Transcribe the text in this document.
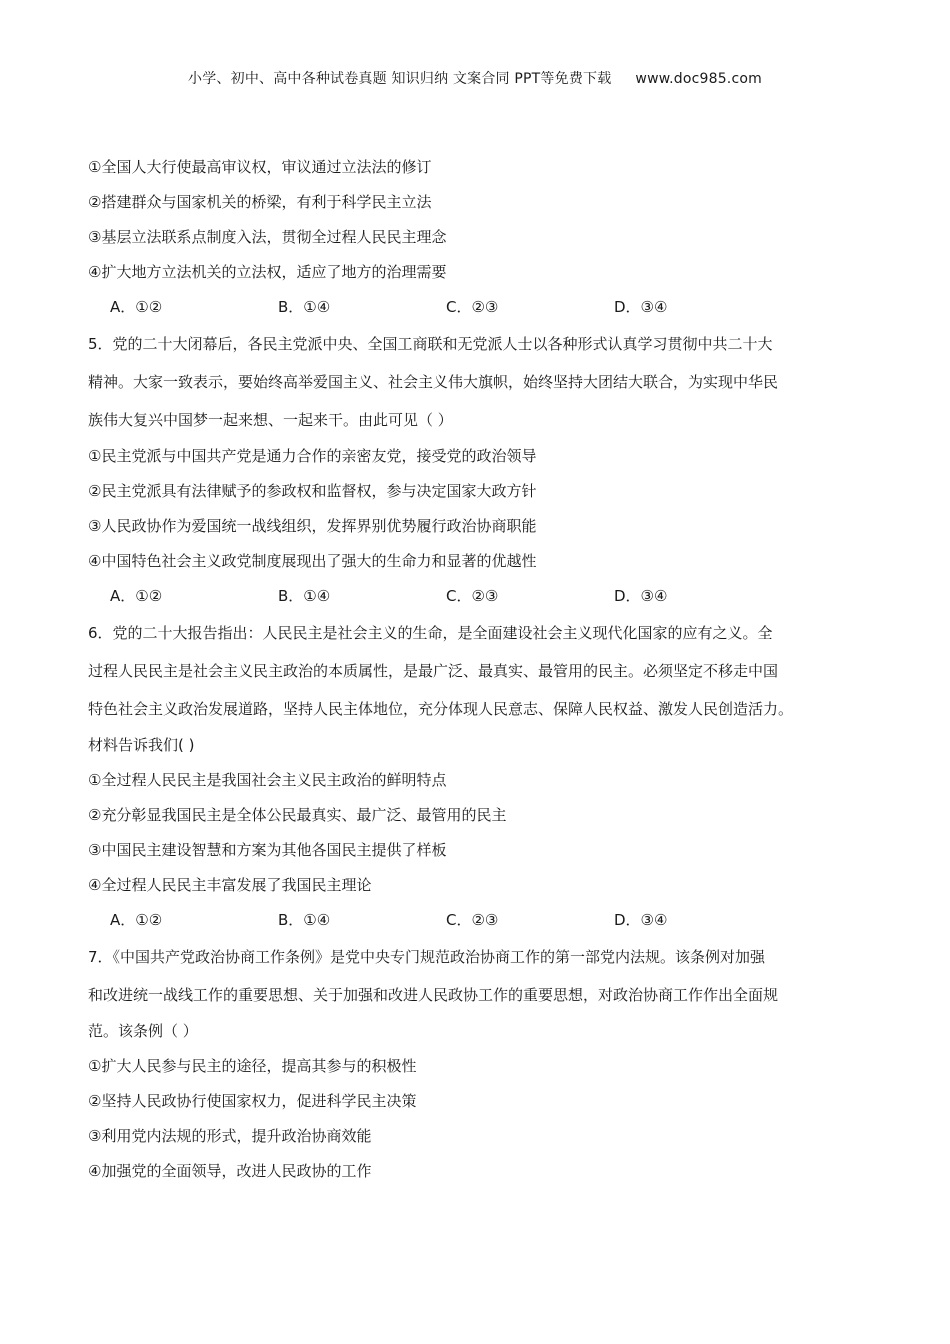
小学、初中、高中各种试卷真题 知识归纳 文案合同 PPT等免费下载 www.doc985.com
①全国人大行使最高审议权，审议通过立法法的修订
②搭建群众与国家机关的桥梁，有利于科学民主立法
③基层立法联系点制度入法，贯彻全过程人民民主理念
④扩大地方立法机关的立法权，适应了地方的治理需要
A．①②	B．①④	C．②③	D．③④
5．党的二十大闭幕后，各民主党派中央、全国工商联和无党派人士以各种形式认真学习贯彻中共二十大
精神。大家一致表示，要始终高举爱国主义、社会主义伟大旗帜，始终坚持大团结大联合，为实现中华民
族伟大复兴中国梦一起来想、一起来干。由此可见（ ）
①民主党派与中国共产党是通力合作的亲密友党，接受党的政治领导
②民主党派具有法律赋予的参政权和监督权，参与决定国家大政方针
③人民政协作为爱国统一战线组织，发挥界别优势履行政治协商职能
④中国特色社会主义政党制度展现出了强大的生命力和显著的优越性
A．①②	B．①④	C．②③	D．③④
6．党的二十大报告指出：人民民主是社会主义的生命，是全面建设社会主义现代化国家的应有之义。全
过程人民民主是社会主义民主政治的本质属性，是最广泛、最真实、最管用的民主。必须坚定不移走中国
特色社会主义政治发展道路，坚持人民主体地位，充分体现人民意志、保障人民权益、激发人民创造活力。
材料告诉我们( )
①全过程人民民主是我国社会主义民主政治的鲜明特点
②充分彰显我国民主是全体公民最真实、最广泛、最管用的民主
③中国民主建设智慧和方案为其他各国民主提供了样板
④全过程人民民主丰富发展了我国民主理论
A．①②	B．①④	C．②③	D．③④
7．《中国共产党政治协商工作条例》是党中央专门规范政治协商工作的第一部党内法规。该条例对加强
和改进统一战线工作的重要思想、关于加强和改进人民政协工作的重要思想，对政治协商工作作出全面规
范。该条例（ ）
①扩大人民参与民主的途径，提高其参与的积极性
②坚持人民政协行使国家权力，促进科学民主决策
③利用党内法规的形式，提升政治协商效能
④加强党的全面领导，改进人民政协的工作
